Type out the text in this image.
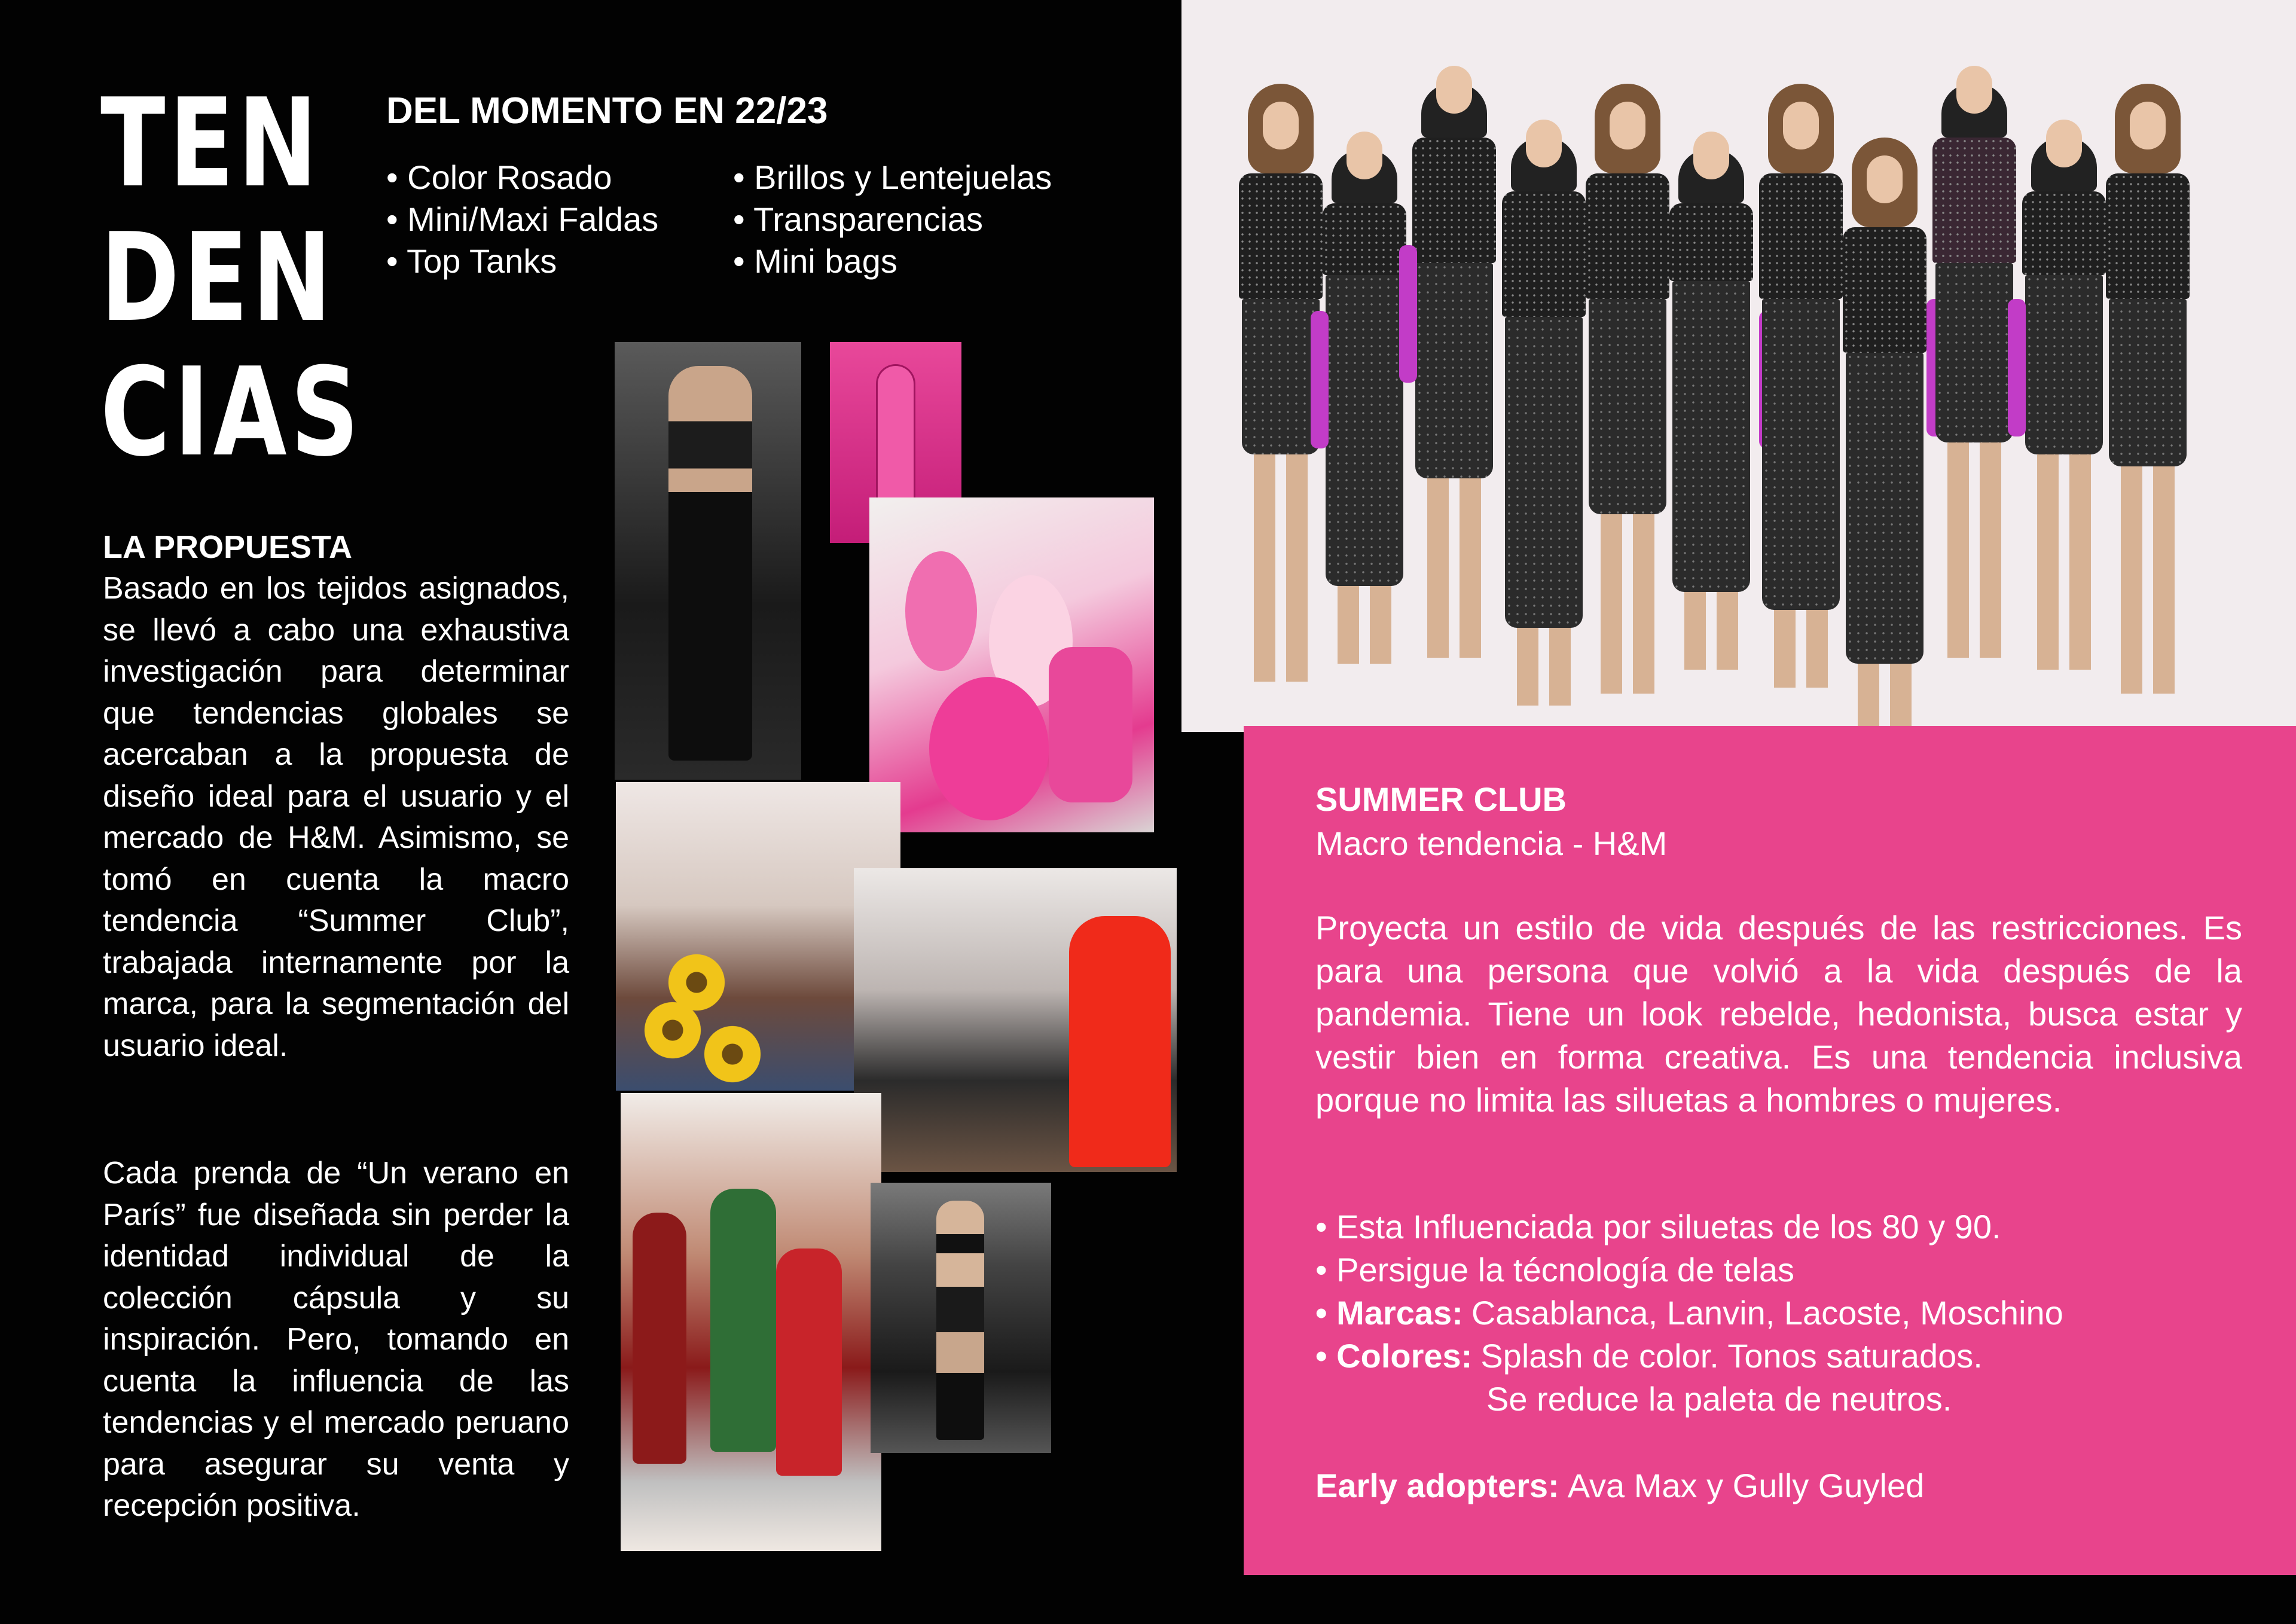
TEN
DEN
CIAS
DEL MOMENTO EN 22/23
• Color Rosado
• Mini/Maxi Faldas
• Top Tanks
• Brillos y Lentejuelas
• Transparencias
• Mini bags
LA PROPUESTA

Basado en los tejidos asignados, se llevó a cabo una exhaustiva investigación para determinar que tendencias globales se acercaban a la propuesta de diseño ideal para el usuario y el mercado de H&M. Asimismo, se tomó en cuenta la macro tendencia “Summer Club”, trabajada internamente por la marca, para la segmentación del usuario ideal.

Cada prenda de “Un verano en París” fue diseñada sin perder la identidad individual de la colección cápsula y su inspiración. Pero, tomando en cuenta la influencia de las tendencias y el mercado peruano para asegurar su venta y recepción positiva.

SUMMER CLUB
Macro tendencia - H&M

Proyecta un estilo de vida después de las restricciones. Es para una persona que volvió a la vida después de la pandemia. Tiene un look rebelde, hedonista, busca estar y vestir bien en forma creativa. Es una tendencia inclusiva porque no limita las siluetas a hombres o mujeres.

• Esta Influenciada por siluetas de los 80 y 90.
• Persigue la técnología de telas
• Marcas: Casablanca, Lanvin, Lacoste, Moschino
• Colores: Splash de color. Tonos saturados.
Se reduce la paleta de neutros.
Early adopters: Ava Max y Gully Guyled
